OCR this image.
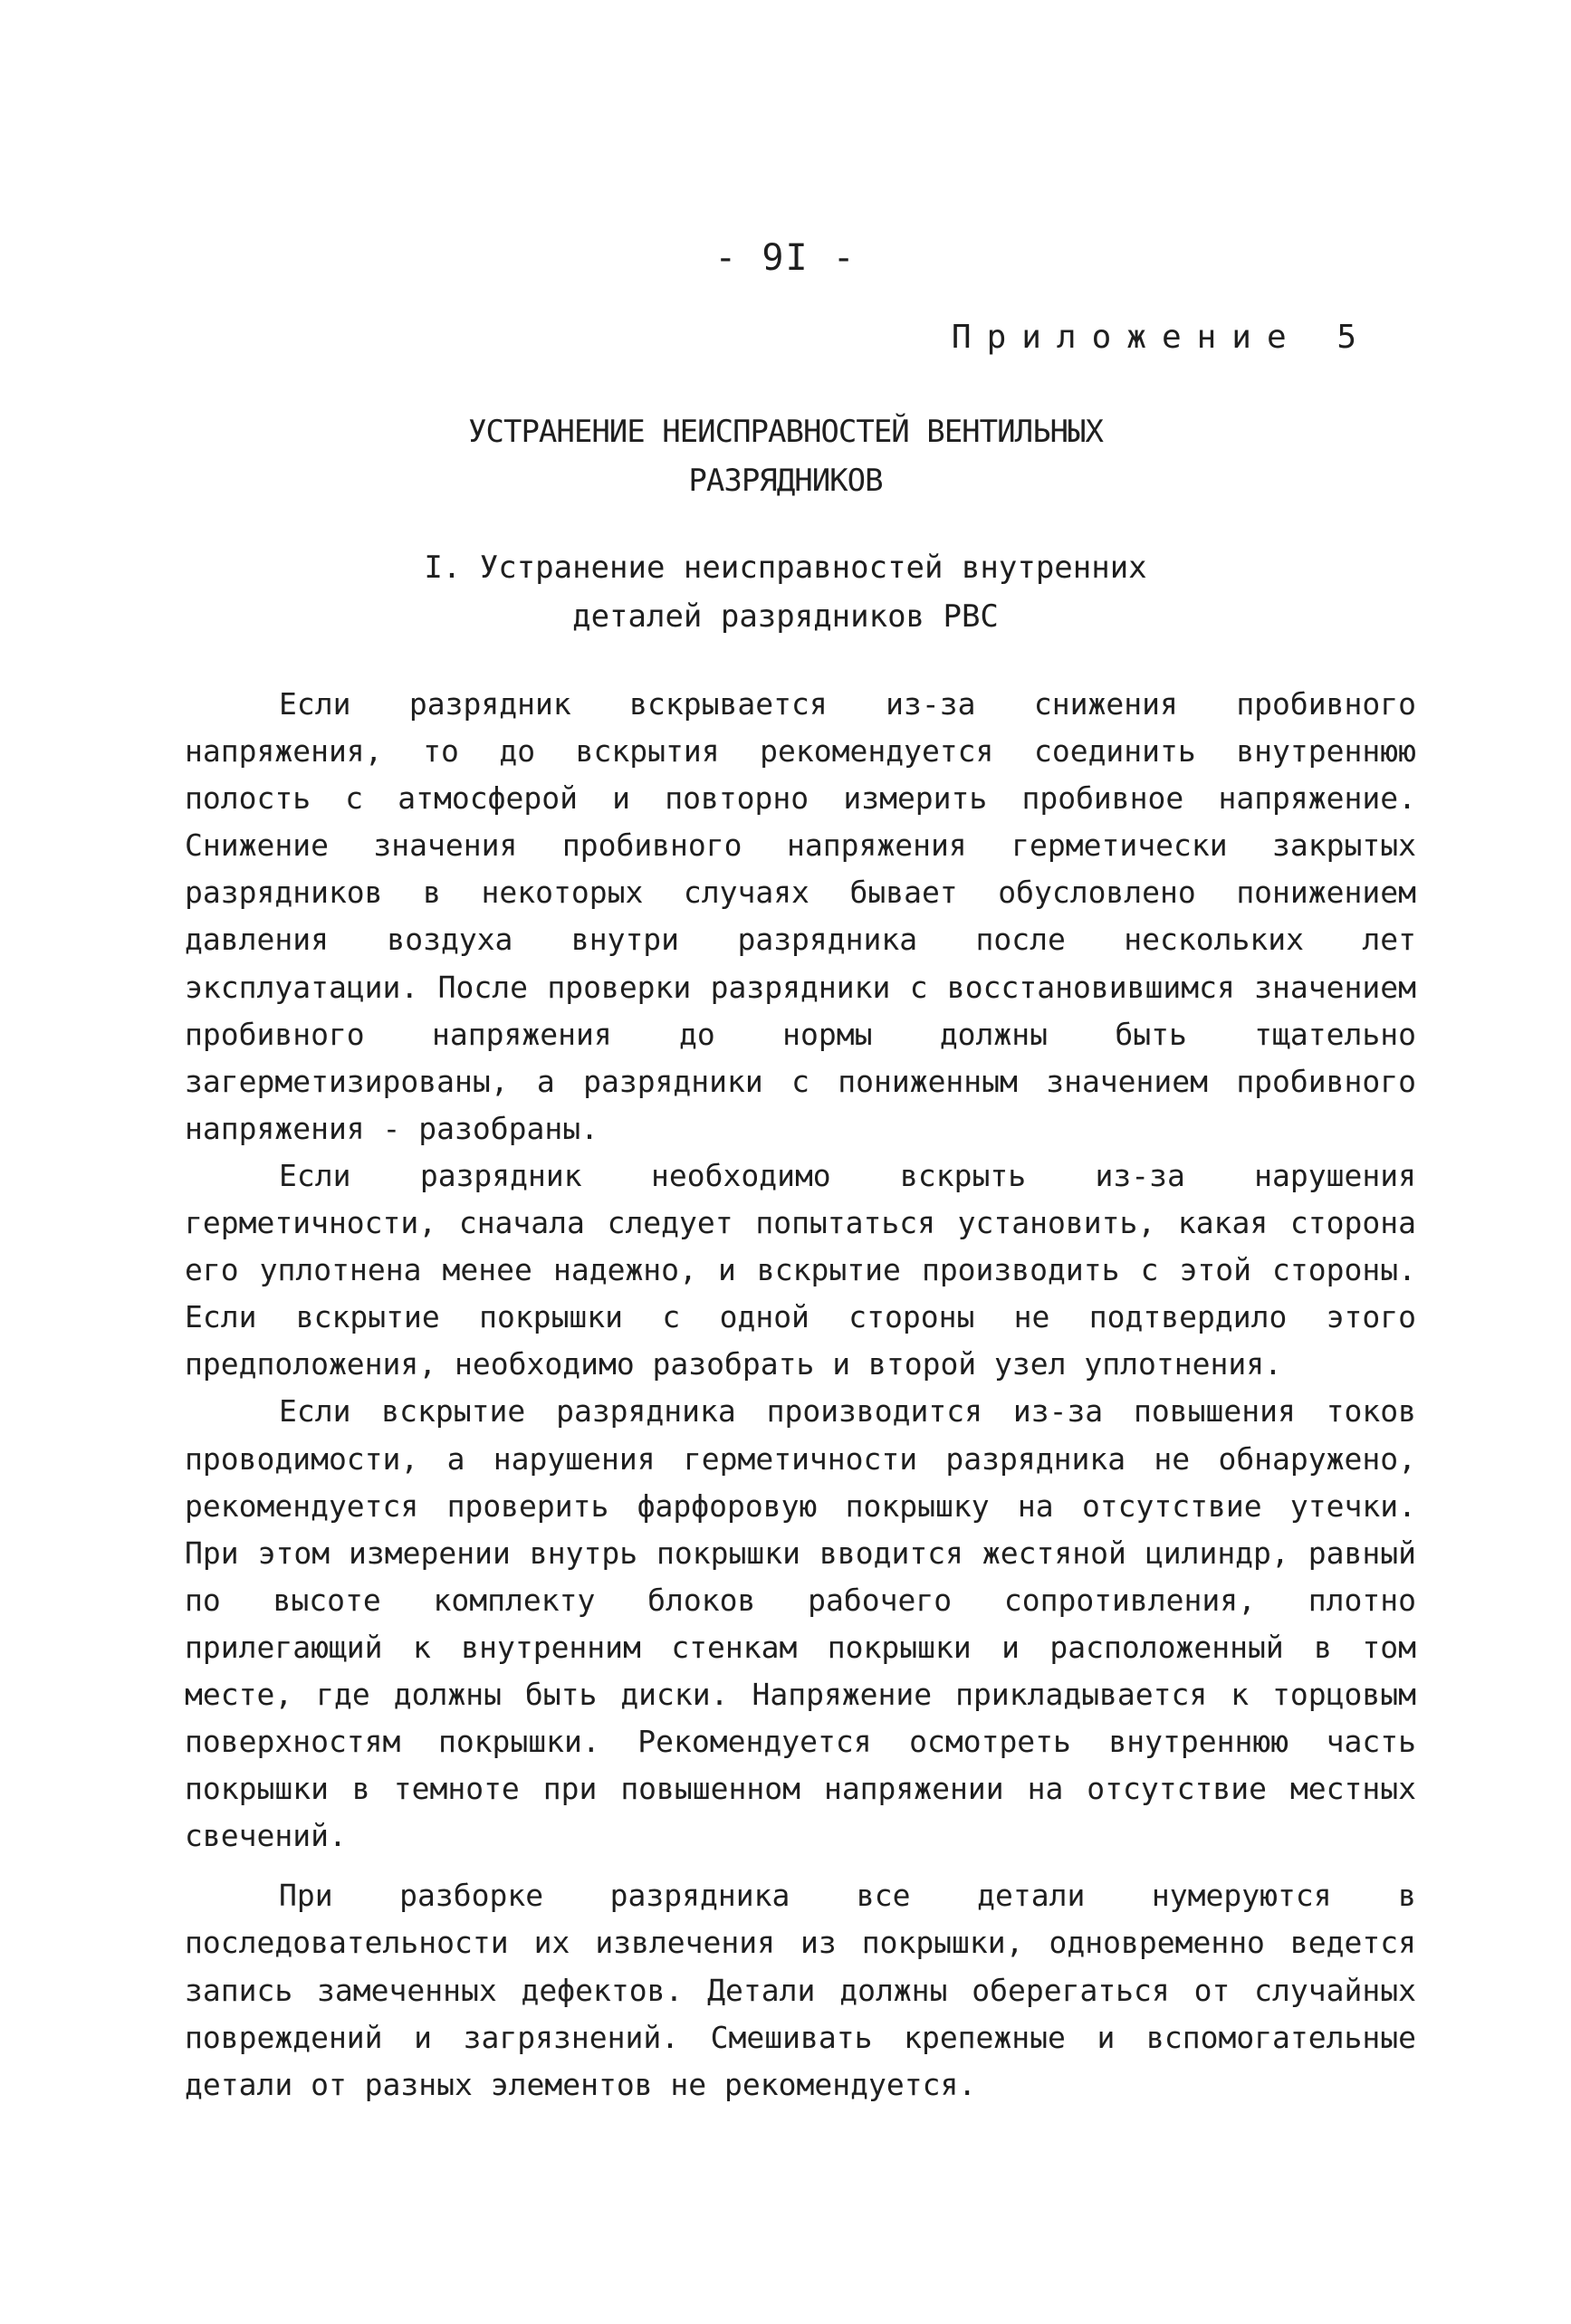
- 9I -
Приложение 5
УСТРАНЕНИЕ НЕИСПРАВНОСТЕЙ ВЕНТИЛЬНЫХ
РАЗРЯДНИКОВ
I. Устранение неисправностей внутренних
деталей разрядников РВС

Если разрядник вскрывается из-за снижения пробивного напряжения, то до вскрытия рекомендуется соединить внутреннюю полость с атмосферой и повторно измерить пробивное напряжение. Снижение значения пробивного напряжения герметически закрытых разрядников в некоторых случаях бывает обусловлено понижением давления воздуха внутри разрядника после нескольких лет эксплуатации. После проверки разрядники с восстановившимся значением пробивного напряжения до нормы должны быть тщательно загерметизированы, а разрядники с пониженным значением пробивного напряжения - разобраны.

Если разрядник необходимо вскрыть из-за нарушения герметичности, сначала следует попытаться установить, какая сторона его уплотнена менее надежно, и вскрытие производить с этой стороны. Если вскрытие покрышки с одной стороны не подтвердило этого предположения, необходимо разобрать и второй узел уплотнения.

Если вскрытие разрядника производится из-за повышения токов проводимости, а нарушения герметичности разрядника не обнаружено, рекомендуется проверить фарфоровую покрышку на отсутствие утечки. При этом измерении внутрь покрышки вводится жестяной цилиндр, равный по высоте комплекту блоков рабочего сопротивления, плотно прилегающий к внутренним стенкам покрышки и расположенный в том месте, где должны быть диски. Напряжение прикладывается к торцовым поверхностям покрышки. Рекомендуется осмотреть внутреннюю часть покрышки в темноте при повышенном напряжении на отсутствие местных свечений.

При разборке разрядника все детали нумеруются в последовательности их извлечения из покрышки, одновременно ведется запись замеченных дефектов. Детали должны оберегаться от случайных повреждений и загрязнений. Смешивать крепежные и вспомогательные детали от разных элементов не рекомендуется.
